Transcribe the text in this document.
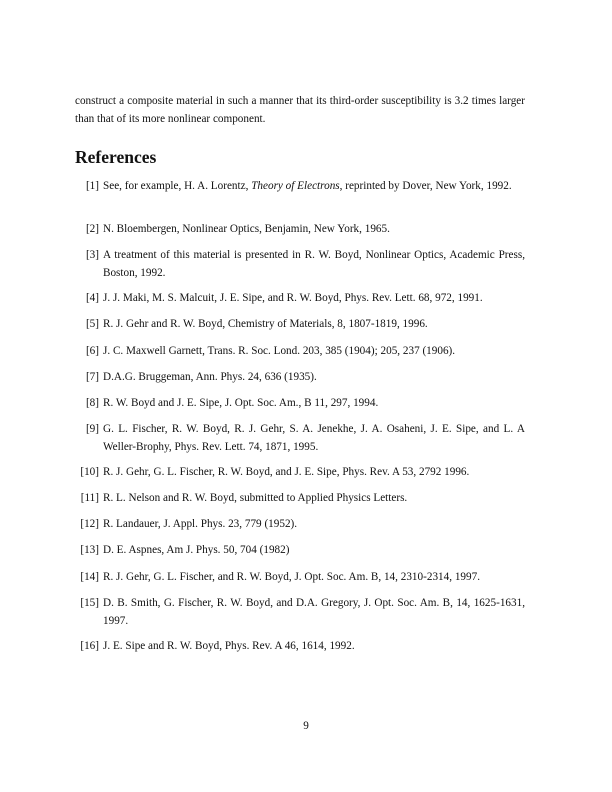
construct a composite material in such a manner that its third-order susceptibility is 3.2 times larger than that of its more nonlinear component.

References
[1] See, for example, H. A. Lorentz, Theory of Electrons, reprinted by Dover, New York, 1992.
[2] N. Bloembergen, Nonlinear Optics, Benjamin, New York, 1965.
[3] A treatment of this material is presented in R. W. Boyd, Nonlinear Optics, Academic Press, Boston, 1992.
[4] J. J. Maki, M. S. Malcuit, J. E. Sipe, and R. W. Boyd, Phys. Rev. Lett. 68, 972, 1991.
[5] R. J. Gehr and R. W. Boyd, Chemistry of Materials, 8, 1807-1819, 1996.
[6] J. C. Maxwell Garnett, Trans. R. Soc. Lond. 203, 385 (1904); 205, 237 (1906).
[7] D.A.G. Bruggeman, Ann. Phys. 24, 636 (1935).
[8] R. W. Boyd and J. E. Sipe, J. Opt. Soc. Am., B 11, 297, 1994.
[9] G. L. Fischer, R. W. Boyd, R. J. Gehr, S. A. Jenekhe, J. A. Osaheni, J. E. Sipe, and L. A Weller-Brophy, Phys. Rev. Lett. 74, 1871, 1995.
[10] R. J. Gehr, G. L. Fischer, R. W. Boyd, and J. E. Sipe, Phys. Rev. A 53, 2792 1996.
[11] R. L. Nelson and R. W. Boyd, submitted to Applied Physics Letters.
[12] R. Landauer, J. Appl. Phys. 23, 779 (1952).
[13] D. E. Aspnes, Am J. Phys. 50, 704 (1982)
[14] R. J. Gehr, G. L. Fischer, and R. W. Boyd, J. Opt. Soc. Am. B, 14, 2310-2314, 1997.
[15] D. B. Smith, G. Fischer, R. W. Boyd, and D.A. Gregory, J. Opt. Soc. Am. B, 14, 1625-1631, 1997.
[16] J. E. Sipe and R. W. Boyd, Phys. Rev. A 46, 1614, 1992.

9
